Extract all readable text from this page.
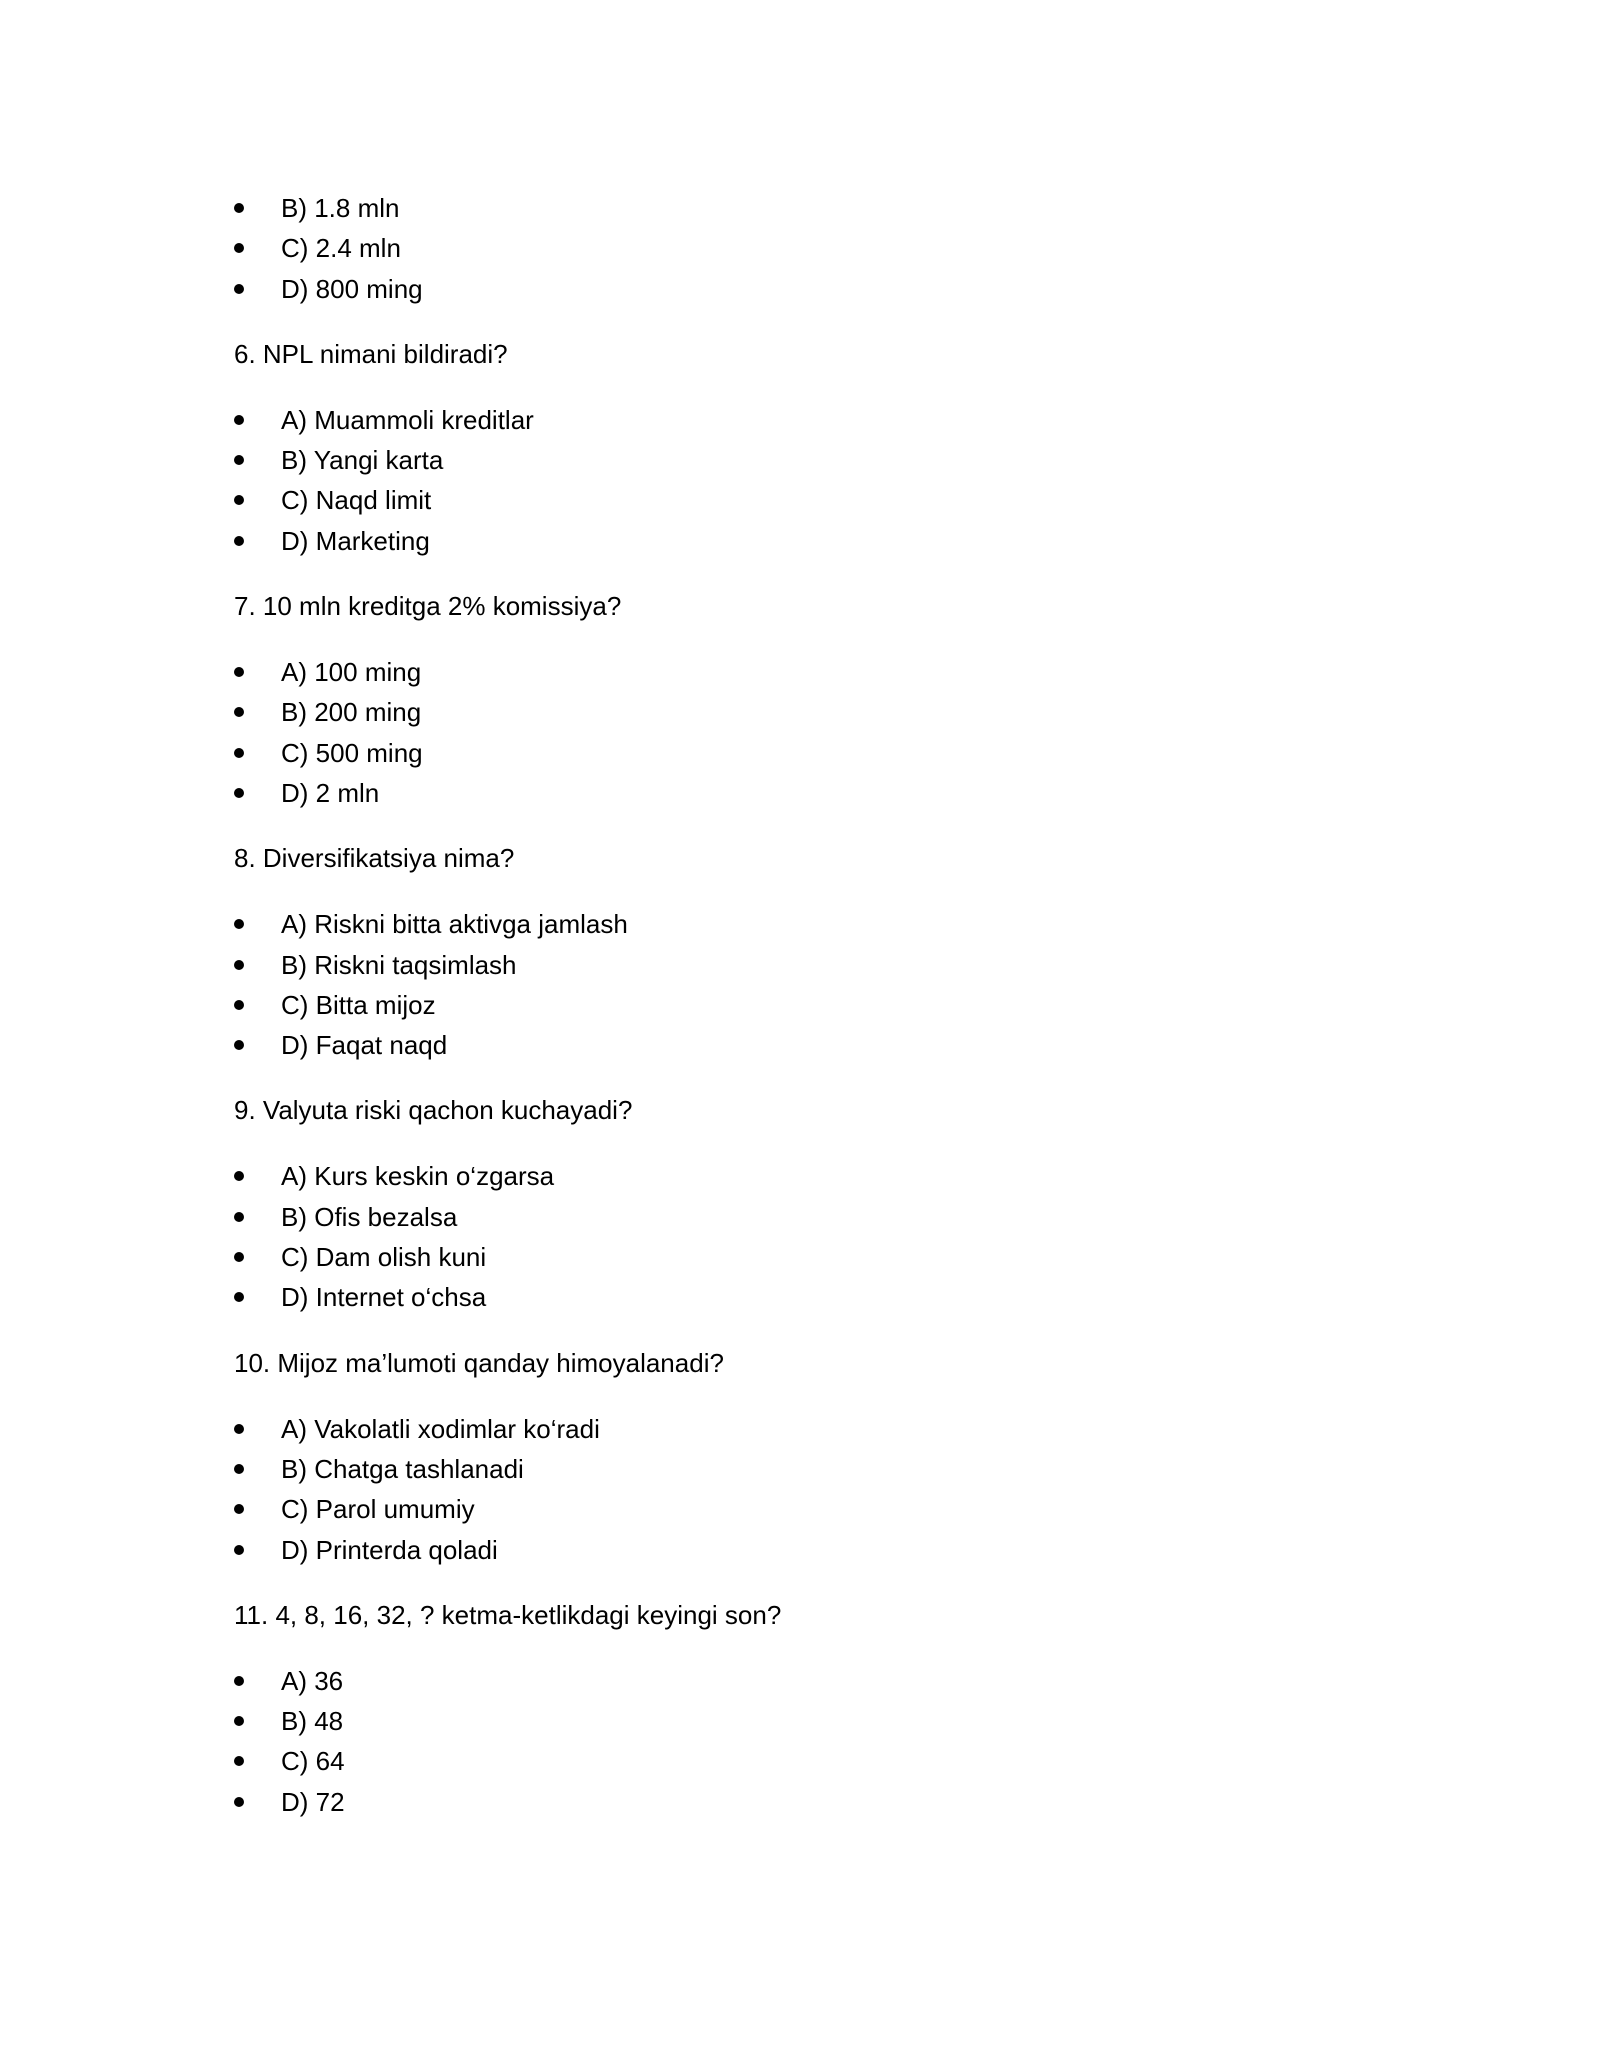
B) 1.8 mln
C) 2.4 mln
D) 800 ming
6. NPL nimani bildiradi?
A) Muammoli kreditlar
B) Yangi karta
C) Naqd limit
D) Marketing
7. 10 mln kreditga 2% komissiya?
A) 100 ming
B) 200 ming
C) 500 ming
D) 2 mln
8. Diversifikatsiya nima?
A) Riskni bitta aktivga jamlash
B) Riskni taqsimlash
C) Bitta mijoz
D) Faqat naqd
9. Valyuta riski qachon kuchayadi?
A) Kurs keskin o‘zgarsa
B) Ofis bezalsa
C) Dam olish kuni
D) Internet o‘chsa
10. Mijoz ma’lumoti qanday himoyalanadi?
A) Vakolatli xodimlar ko‘radi
B) Chatga tashlanadi
C) Parol umumiy
D) Printerda qoladi
11. 4, 8, 16, 32, ? ketma-ketlikdagi keyingi son?
A) 36
B) 48
C) 64
D) 72
